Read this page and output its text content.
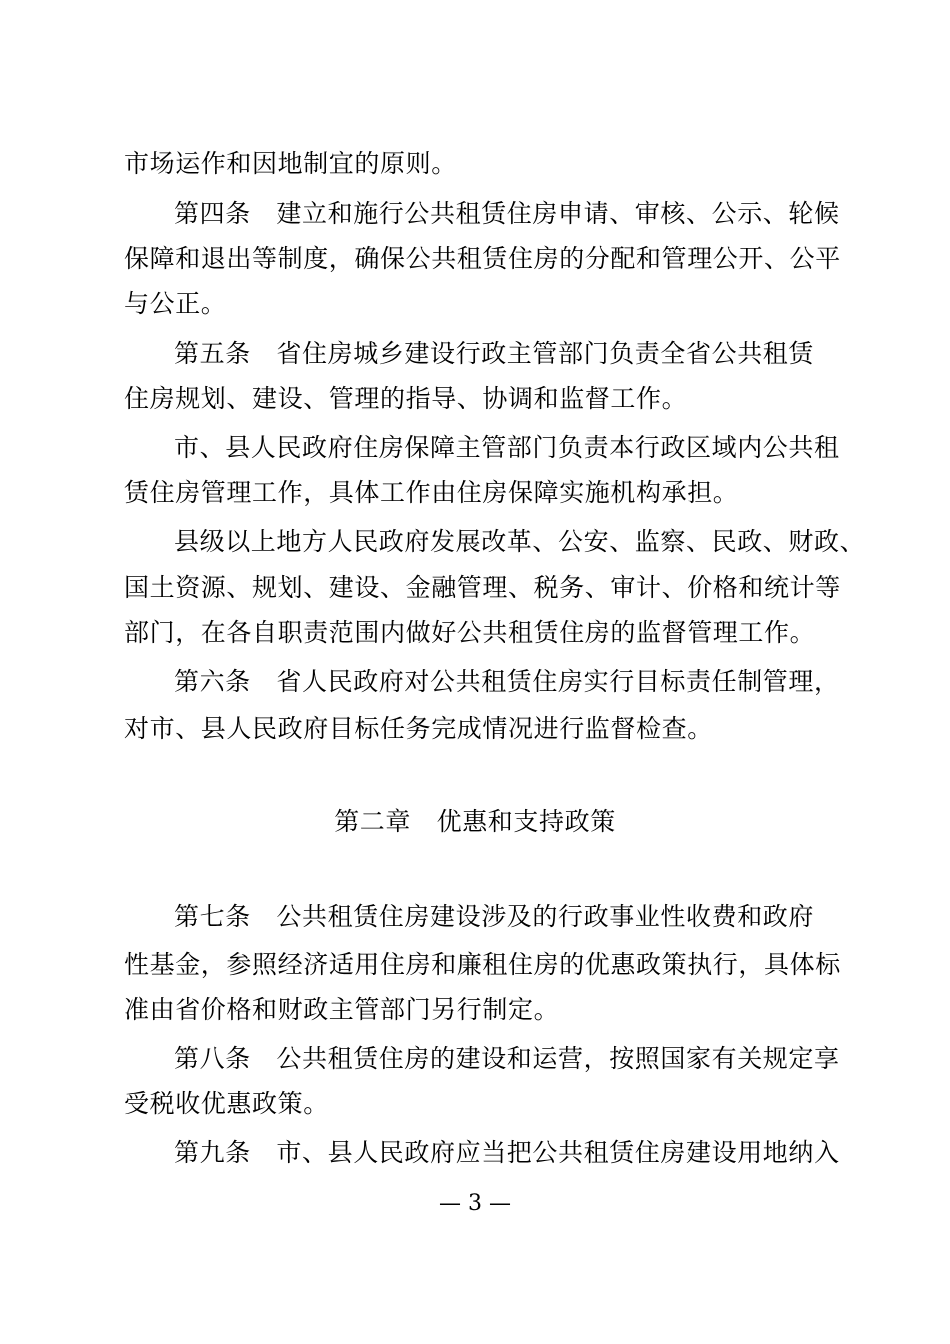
市场运作和因地制宜的原则。
第四条　建立和施行公共租赁住房申请、审核、公示、轮候
保障和退出等制度，确保公共租赁住房的分配和管理公开、公平
与公正。
第五条　省住房城乡建设行政主管部门负责全省公共租赁
住房规划、建设、管理的指导、协调和监督工作。
市、县人民政府住房保障主管部门负责本行政区域内公共租
赁住房管理工作，具体工作由住房保障实施机构承担。
县级以上地方人民政府发展改革、公安、监察、民政、财政、
国土资源、规划、建设、金融管理、税务、审计、价格和统计等
部门，在各自职责范围内做好公共租赁住房的监督管理工作。
第六条　省人民政府对公共租赁住房实行目标责任制管理，
对市、县人民政府目标任务完成情况进行监督检查。
第二章　优惠和支持政策
第七条　公共租赁住房建设涉及的行政事业性收费和政府
性基金，参照经济适用住房和廉租住房的优惠政策执行，具体标
准由省价格和财政主管部门另行制定。
第八条　公共租赁住房的建设和运营，按照国家有关规定享
受税收优惠政策。
第九条　市、县人民政府应当把公共租赁住房建设用地纳入
— 3 —
